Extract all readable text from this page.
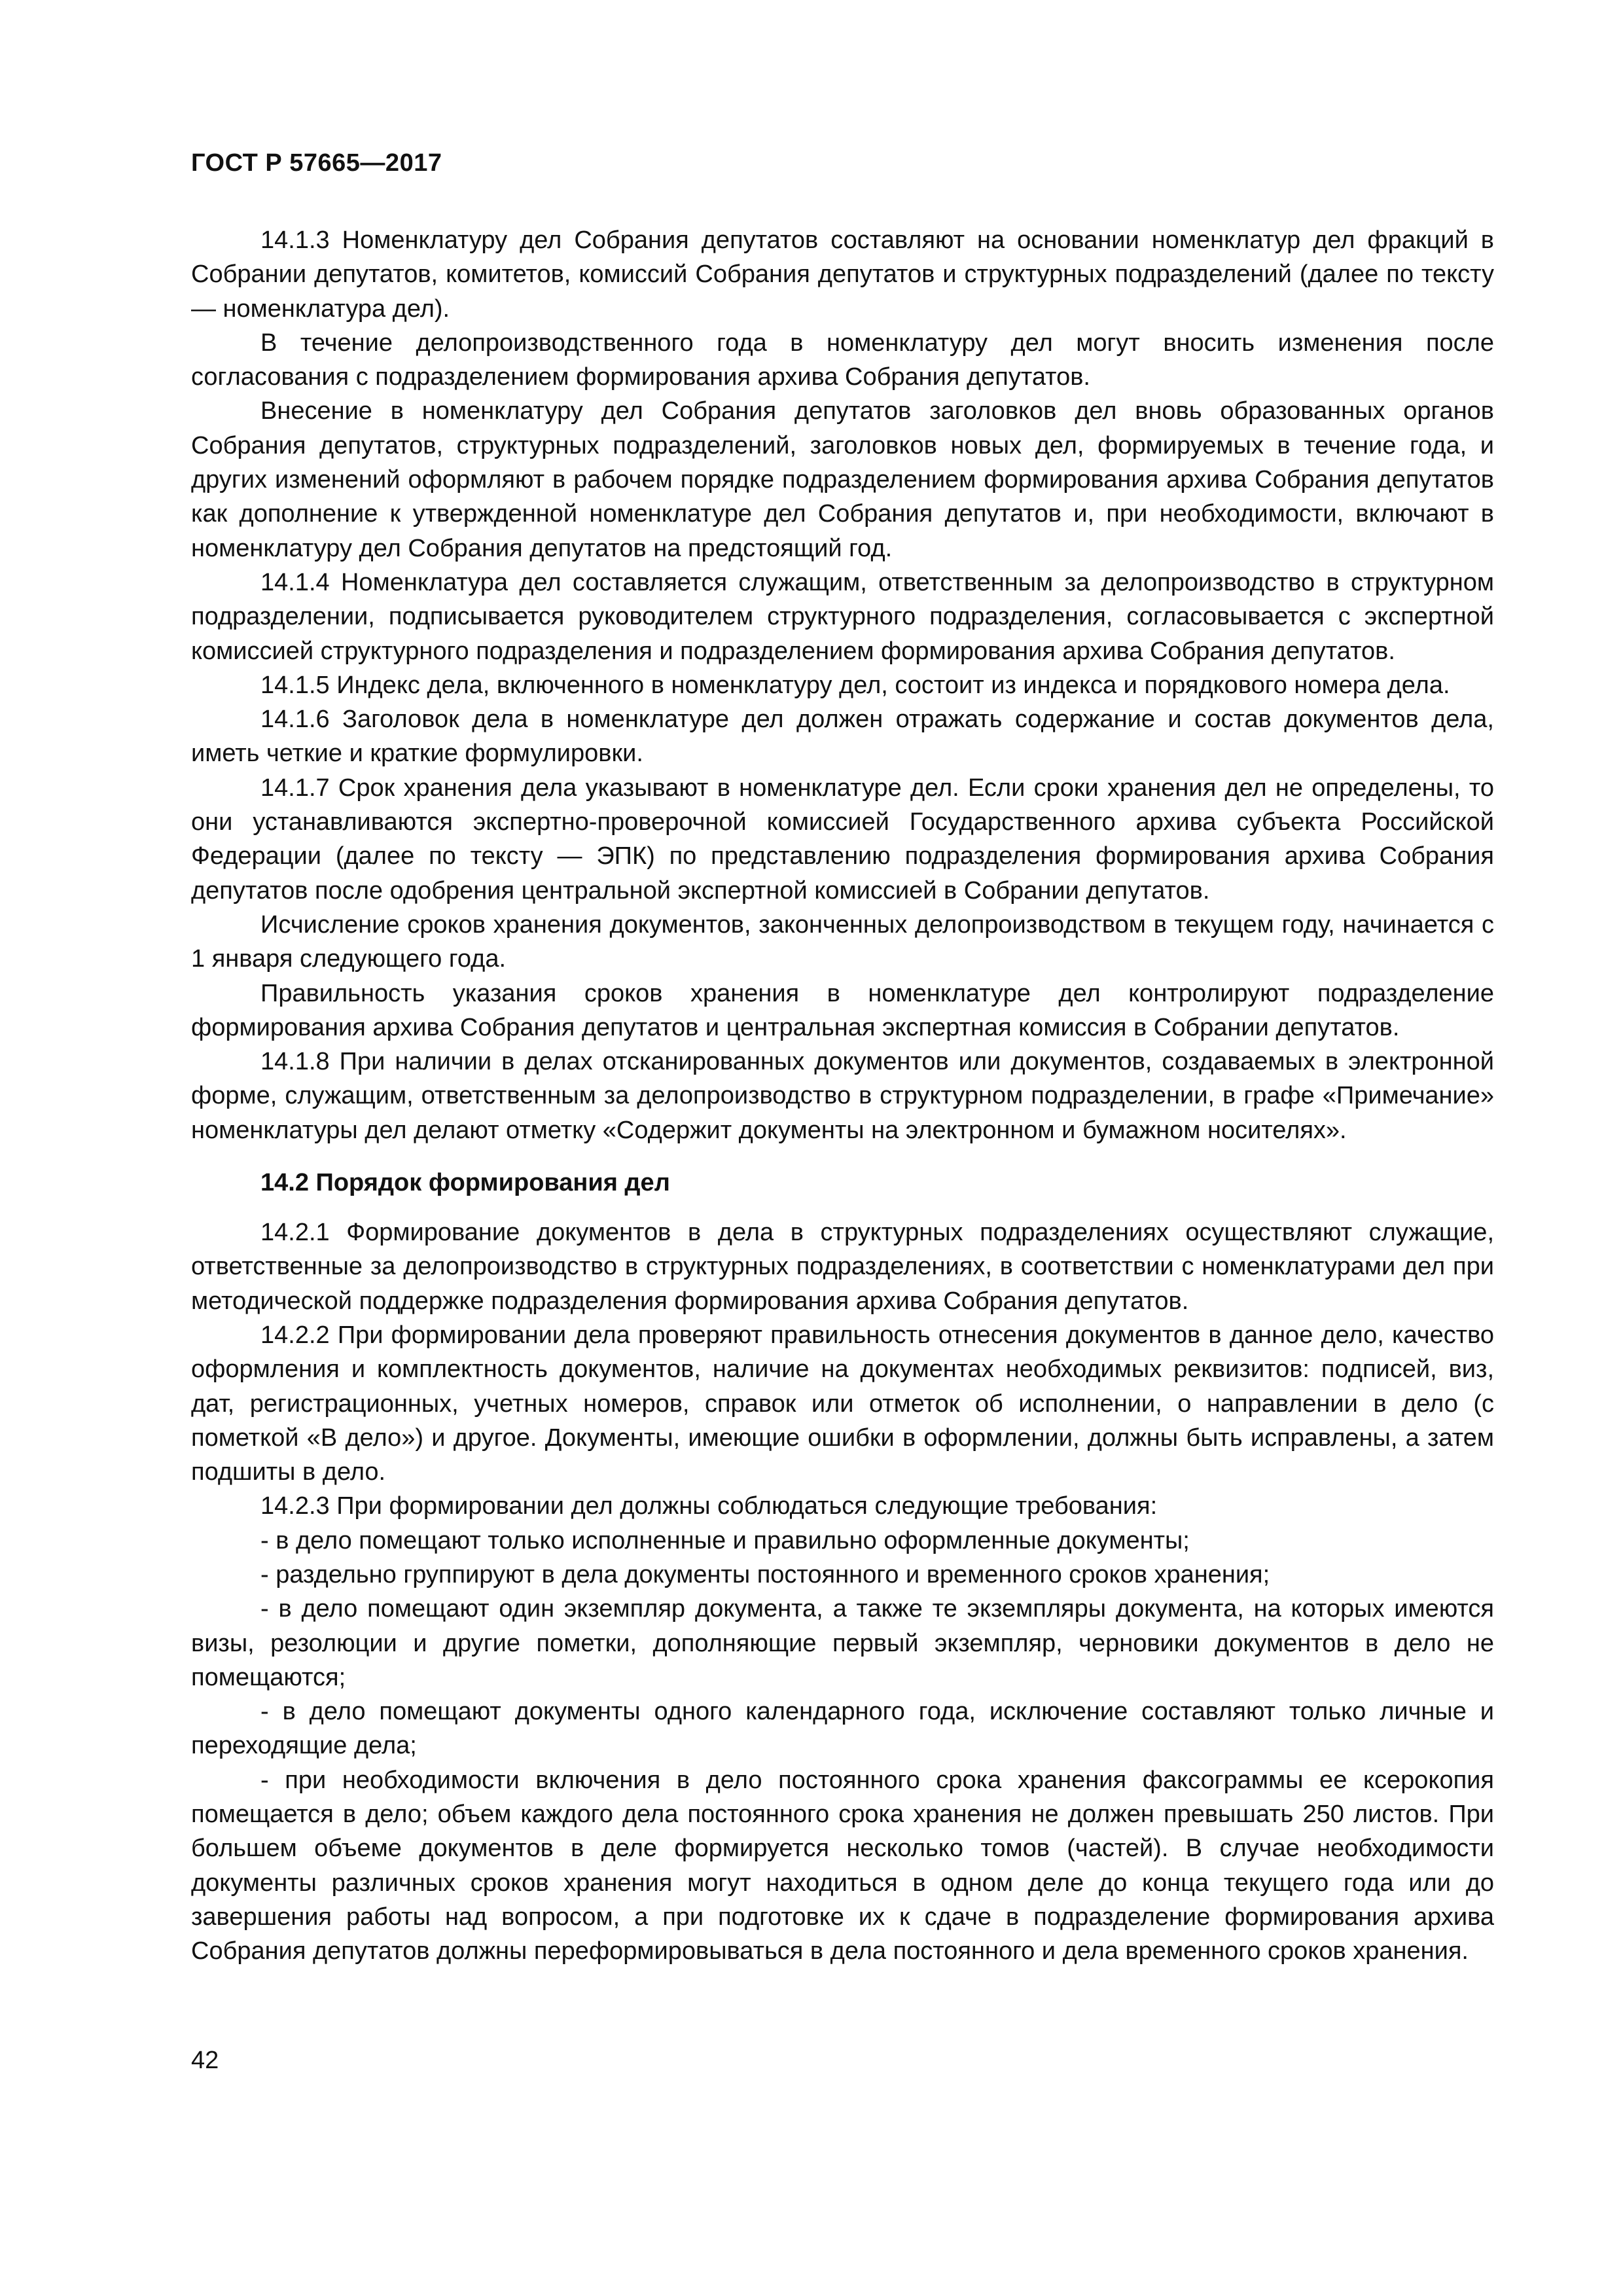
ГОСТ Р 57665—2017

14.1.3 Номенклатуру дел Собрания депутатов составляют на основании номенклатур дел фракций в Собрании депутатов, комитетов, комиссий Собрания депутатов и структурных подразделений (далее по тексту — номенклатура дел).

В течение делопроизводственного года в номенклатуру дел могут вносить изменения после согласования с подразделением формирования архива Собрания депутатов.

Внесение в номенклатуру дел Собрания депутатов заголовков дел вновь образованных органов Собрания депутатов, структурных подразделений, заголовков новых дел, формируемых в течение года, и других изменений оформляют в рабочем порядке подразделением формирования архива Собрания депутатов как дополнение к утвержденной номенклатуре дел Собрания депутатов и, при необходимости, включают в номенклатуру дел Собрания депутатов на предстоящий год.

14.1.4 Номенклатура дел составляется служащим, ответственным за делопроизводство в структурном подразделении, подписывается руководителем структурного подразделения, согласовывается с экспертной комиссией структурного подразделения и подразделением формирования архива Собрания депутатов.

14.1.5 Индекс дела, включенного в номенклатуру дел, состоит из индекса и порядкового номера дела.

14.1.6 Заголовок дела в номенклатуре дел должен отражать содержание и состав документов дела, иметь четкие и краткие формулировки.

14.1.7 Срок хранения дела указывают в номенклатуре дел. Если сроки хранения дел не определены, то они устанавливаются экспертно-проверочной комиссией Государственного архива субъекта Российской Федерации (далее по тексту — ЭПК) по представлению подразделения формирования архива Собрания депутатов после одобрения центральной экспертной комиссией в Собрании депутатов.

Исчисление сроков хранения документов, законченных делопроизводством в текущем году, начинается с 1 января следующего года.

Правильность указания сроков хранения в номенклатуре дел контролируют подразделение формирования архива Собрания депутатов и центральная экспертная комиссия в Собрании депутатов.

14.1.8 При наличии в делах отсканированных документов или документов, создаваемых в электронной форме, служащим, ответственным за делопроизводство в структурном подразделении, в графе «Примечание» номенклатуры дел делают отметку «Содержит документы на электронном и бумажном носителях».

14.2 Порядок формирования дел

14.2.1 Формирование документов в дела в структурных подразделениях осуществляют служащие, ответственные за делопроизводство в структурных подразделениях, в соответствии с номенклатурами дел при методической поддержке подразделения формирования архива Собрания депутатов.

14.2.2 При формировании дела проверяют правильность отнесения документов в данное дело, качество оформления и комплектность документов, наличие на документах необходимых реквизитов: подписей, виз, дат, регистрационных, учетных номеров, справок или отметок об исполнении, о направлении в дело (с пометкой «В дело») и другое. Документы, имеющие ошибки в оформлении, должны быть исправлены, а затем подшиты в дело.

14.2.3 При формировании дел должны соблюдаться следующие требования:

- в дело помещают только исполненные и правильно оформленные документы;

- раздельно группируют в дела документы постоянного и временного сроков хранения;

- в дело помещают один экземпляр документа, а также те экземпляры документа, на которых имеются визы, резолюции и другие пометки, дополняющие первый экземпляр, черновики документов в дело не помещаются;

- в дело помещают документы одного календарного года, исключение составляют только личные и переходящие дела;

- при необходимости включения в дело постоянного срока хранения факсограммы ее ксерокопия помещается в дело; объем каждого дела постоянного срока хранения не должен превышать 250 листов. При большем объеме документов в деле формируется несколько томов (частей). В случае необходимости документы различных сроков хранения могут находиться в одном деле до конца текущего года или до завершения работы над вопросом, а при подготовке их к сдаче в подразделение формирования архива Собрания депутатов должны переформировываться в дела постоянного и дела временного сроков хранения.

42
